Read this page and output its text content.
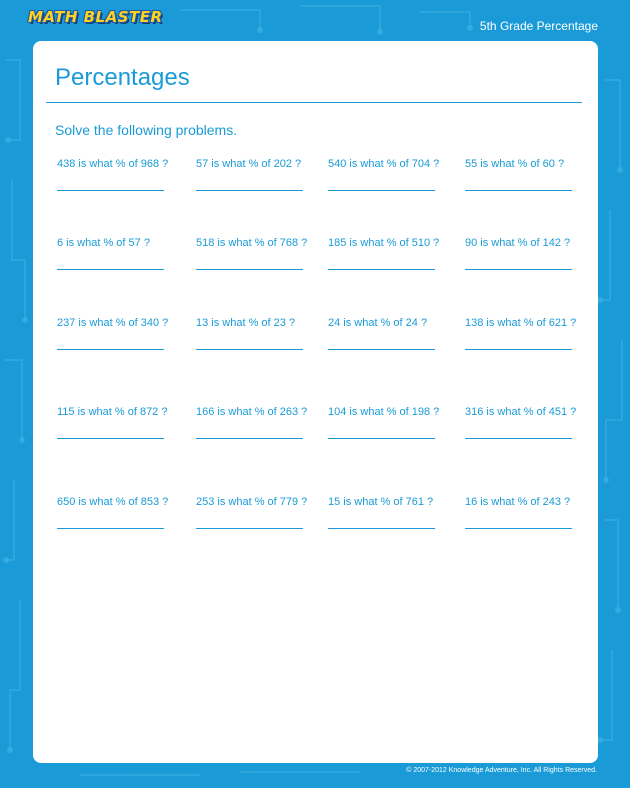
MATH BLASTER	5th Grade Percentage
Percentages
Solve the following problems.
438 is what % of 968 ?	57 is what % of 202 ?	540 is what % of 704 ?	55 is what % of 60 ?
6 is what % of 57 ?	518 is what % of 768 ?	185 is what % of 510 ?	90 is what % of 142 ?
237 is what % of 340 ?	13 is what % of 23 ?	24 is what % of 24 ?	138 is what % of 621 ?
115 is what % of 872 ?	166 is what % of 263 ?	104 is what % of 198 ?	316 is what % of 451 ?
650 is what % of 853 ?	253 is what % of 779 ?	15 is what % of 761 ?	16 is what % of 243 ?
© 2007-2012 Knowledge Adventure, Inc. All Rights Reserved.
